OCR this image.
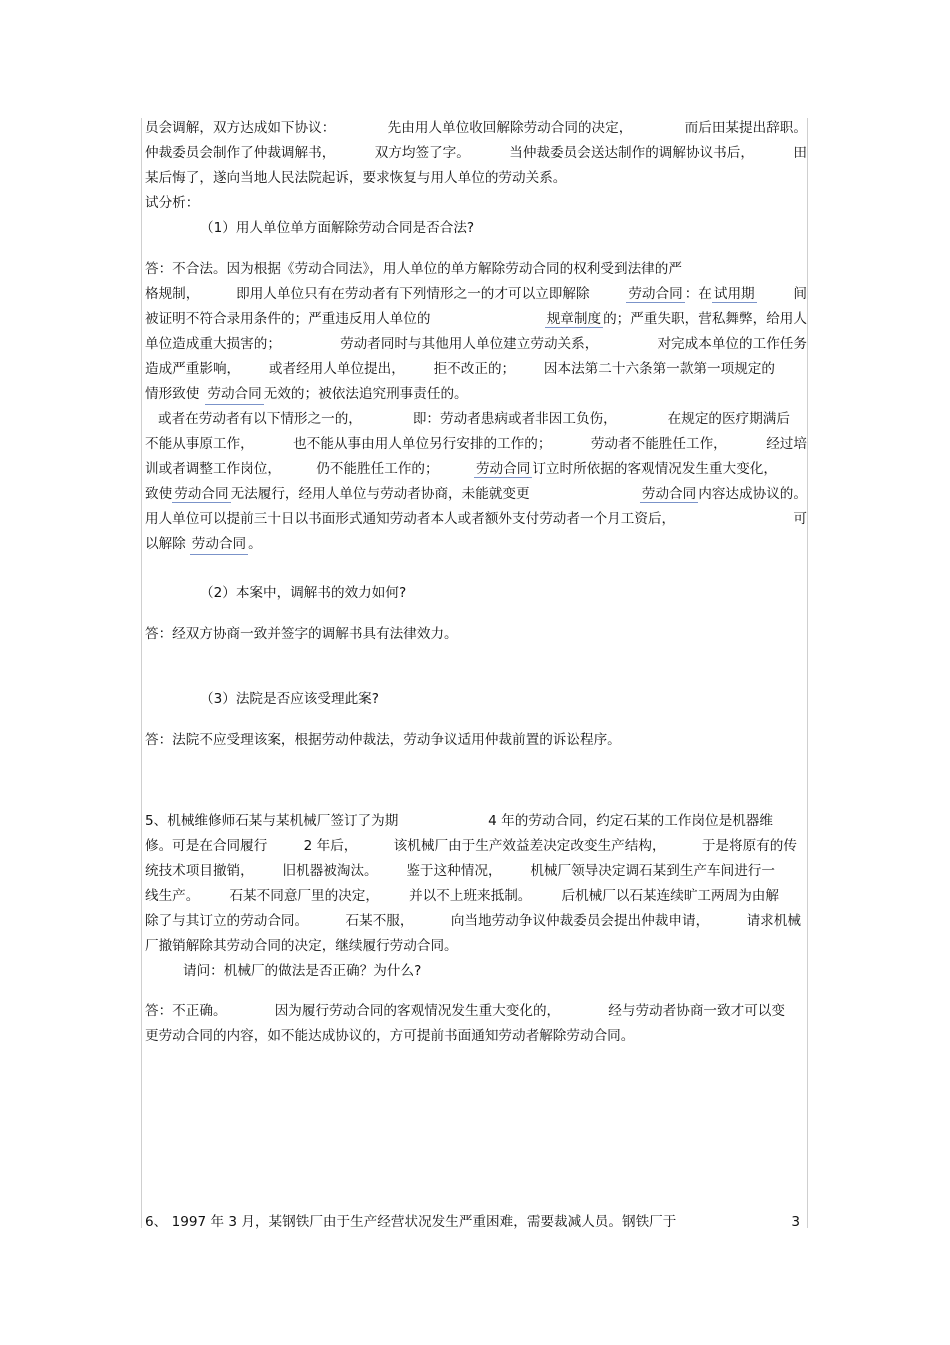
员会调解，双方达成如下协议：	先由用人单位收回解除劳动合同的决定，	而后田某提出辞职。
仲裁委员会制作了仲裁调解书，	双方均签了字。	当仲裁委员会送达制作的调解协议书后，	田
某后悔了，遂向当地人民法院起诉，要求恢复与用人单位的劳动关系。
试分析：
（1）用人单位单方面解除劳动合同是否合法?
答：不合法。因为根据《劳动合同法》，用人单位的单方解除劳动合同的权利受到法律的严
格规制，	即用人单位只有在劳动者有下列情形之一的才可以立即解除	劳动合同 ：在 试用期	间
被证明不符合录用条件的；严重违反用人单位的	规章制度 的；严重失职，营私舞弊，给用人
单位造成重大损害的；	劳动者同时与其他用人单位建立劳动关系，	对完成本单位的工作任务
造成严重影响， 或者经用人单位提出， 拒不改正的； 因本法第二十六条第一款第一项规定的
情形致使 劳动合同 无效的；被依法追究刑事责任的。
或者在劳动者有以下情形之一的，	即：劳动者患病或者非因工负伤，	在规定的医疗期满后
不能从事原工作，	也不能从事由用人单位另行安排的工作的；	劳动者不能胜任工作，	经过培
训或者调整工作岗位，	仍不能胜任工作的；	劳动合同 订立时所依据的客观情况发生重大变化，
致使 劳动合同 无法履行，经用人单位与劳动者协商，未能就变更	劳动合同 内容达成协议的。
用人单位可以提前三十日以书面形式通知劳动者本人或者额外支付劳动者一个月工资后，	可
以解除 劳动合同 。
（2）本案中，调解书的效力如何?
答：经双方协商一致并签字的调解书具有法律效力。
（3）法院是否应该受理此案?
答：法院不应受理该案，根据劳动仲裁法，劳动争议适用仲裁前置的诉讼程序。
5、机械维修师石某与某机械厂签订了为期	4 年的劳动合同，约定石某的工作岗位是机器维
修。可是在合同履行	2 年后，	该机械厂由于生产效益差决定改变生产结构，	于是将原有的传
统技术项目撤销， 旧机器被淘汰。 鉴于这种情况， 机械厂领导决定调石某到生产车间进行一
线生产。 石某不同意厂里的决定， 并以不上班来抵制。 后机械厂以石某连续旷工两周为由解
除了与其订立的劳动合同。	石某不服，	向当地劳动争议仲裁委员会提出仲裁申请，	请求机械
厂撤销解除其劳动合同的决定，继续履行劳动合同。
请问：机械厂的做法是否正确？为什么?
答：不正确。	因为履行劳动合同的客观情况发生重大变化的，	经与劳动者协商一致才可以变
更劳动合同的内容，如不能达成协议的，方可提前书面通知劳动者解除劳动合同。
6、 1997 年 3 月，某钢铁厂由于生产经营状况发生严重困难，需要裁减人员。钢铁厂于	3
